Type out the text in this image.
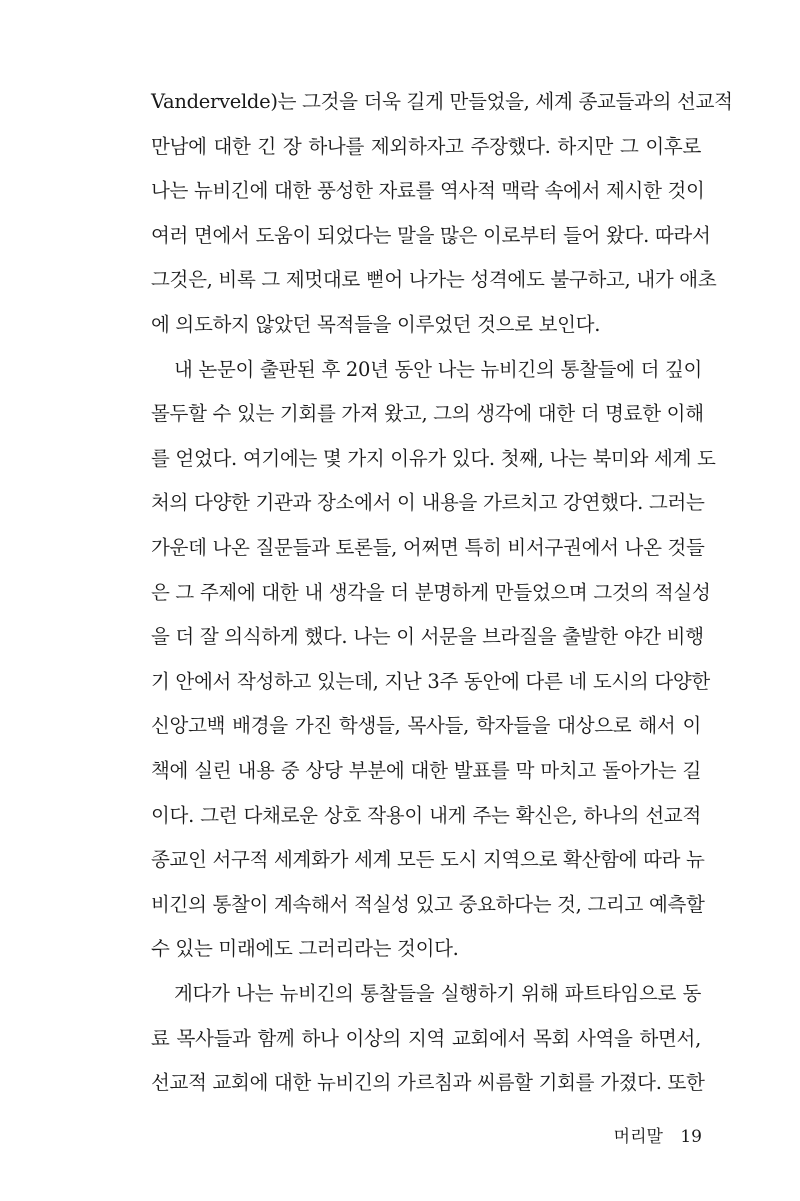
Vandervelde)는 그것을 더욱 길게 만들었을, 세계 종교들과의 선교적
만남에 대한 긴 장 하나를 제외하자고 주장했다. 하지만 그 이후로
나는 뉴비긴에 대한 풍성한 자료를 역사적 맥락 속에서 제시한 것이
여러 면에서 도움이 되었다는 말을 많은 이로부터 들어 왔다. 따라서
그것은, 비록 그 제멋대로 뻗어 나가는 성격에도 불구하고, 내가 애초
에 의도하지 않았던 목적들을 이루었던 것으로 보인다.
내 논문이 출판된 후 20년 동안 나는 뉴비긴의 통찰들에 더 깊이
몰두할 수 있는 기회를 가져 왔고, 그의 생각에 대한 더 명료한 이해
를 얻었다. 여기에는 몇 가지 이유가 있다. 첫째, 나는 북미와 세계 도
처의 다양한 기관과 장소에서 이 내용을 가르치고 강연했다. 그러는
가운데 나온 질문들과 토론들, 어쩌면 특히 비서구권에서 나온 것들
은 그 주제에 대한 내 생각을 더 분명하게 만들었으며 그것의 적실성
을 더 잘 의식하게 했다. 나는 이 서문을 브라질을 출발한 야간 비행
기 안에서 작성하고 있는데, 지난 3주 동안에 다른 네 도시의 다양한
신앙고백 배경을 가진 학생들, 목사들, 학자들을 대상으로 해서 이
책에 실린 내용 중 상당 부분에 대한 발표를 막 마치고 돌아가는 길
이다. 그런 다채로운 상호 작용이 내게 주는 확신은, 하나의 선교적
종교인 서구적 세계화가 세계 모든 도시 지역으로 확산함에 따라 뉴
비긴의 통찰이 계속해서 적실성 있고 중요하다는 것, 그리고 예측할
수 있는 미래에도 그러리라는 것이다.
게다가 나는 뉴비긴의 통찰들을 실행하기 위해 파트타임으로 동
료 목사들과 함께 하나 이상의 지역 교회에서 목회 사역을 하면서,
선교적 교회에 대한 뉴비긴의 가르침과 씨름할 기회를 가졌다. 또한
머리말 19
